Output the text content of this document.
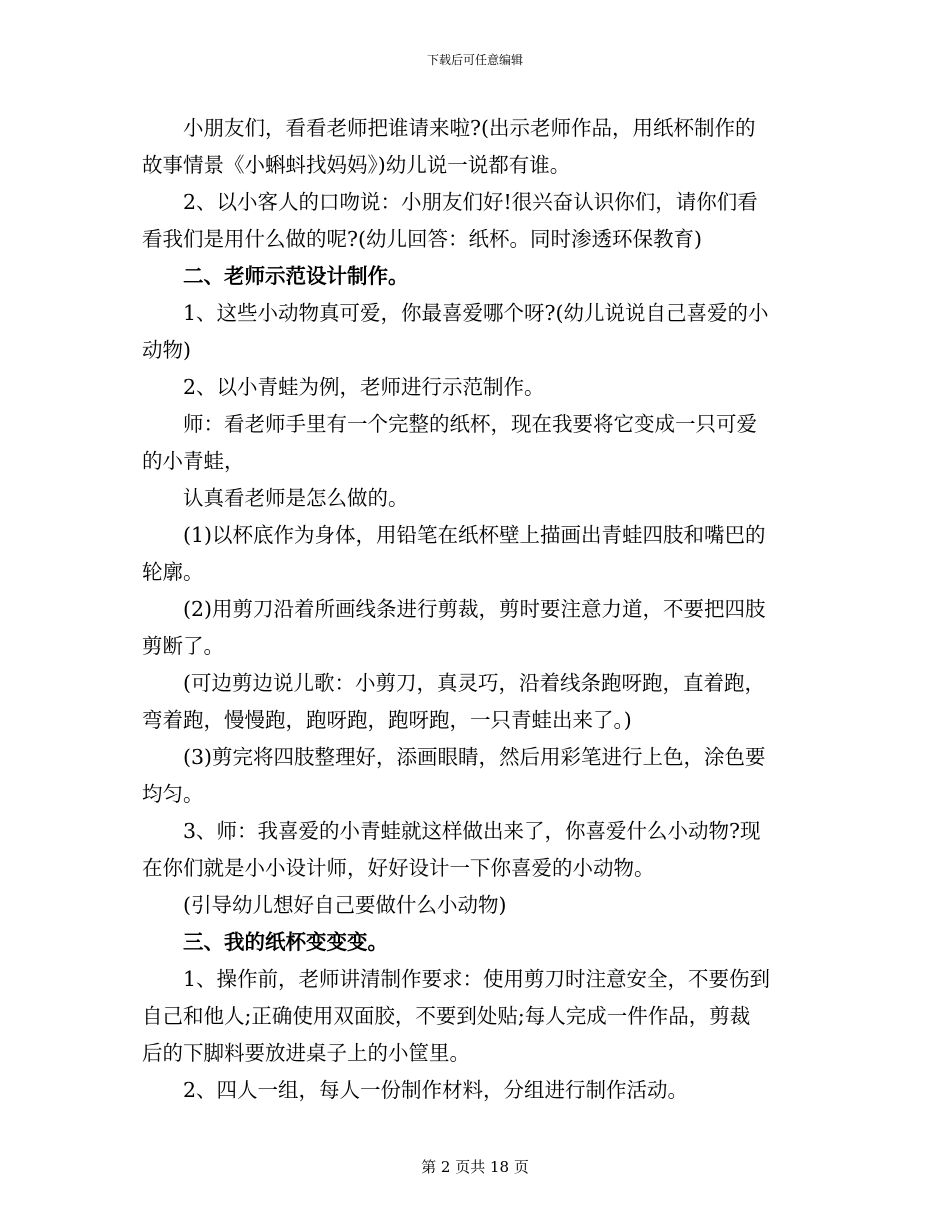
下载后可任意编辑

小朋友们，看看老师把谁请来啦?(出示老师作品，用纸杯制作的

故事情景《小蝌蚪找妈妈》)幼儿说一说都有谁。

2、以小客人的口吻说：小朋友们好!很兴奋认识你们，请你们看

看我们是用什么做的呢?(幼儿回答：纸杯。同时渗透环保教育)

二、老师示范设计制作。

1、这些小动物真可爱，你最喜爱哪个呀?(幼儿说说自己喜爱的小

动物)

2、以小青蛙为例，老师进行示范制作。

师：看老师手里有一个完整的纸杯，现在我要将它变成一只可爱

的小青蛙，

认真看老师是怎么做的。

(1)以杯底作为身体，用铅笔在纸杯壁上描画出青蛙四肢和嘴巴的

轮廓。

(2)用剪刀沿着所画线条进行剪裁，剪时要注意力道，不要把四肢

剪断了。

(可边剪边说儿歌：小剪刀，真灵巧，沿着线条跑呀跑，直着跑，

弯着跑，慢慢跑，跑呀跑，跑呀跑，一只青蛙出来了。)

(3)剪完将四肢整理好，添画眼睛，然后用彩笔进行上色，涂色要

均匀。

3、师：我喜爱的小青蛙就这样做出来了，你喜爱什么小动物?现

在你们就是小小设计师，好好设计一下你喜爱的小动物。

(引导幼儿想好自己要做什么小动物)

三、我的纸杯变变变。

1、操作前，老师讲清制作要求：使用剪刀时注意安全，不要伤到

自己和他人;正确使用双面胶，不要到处贴;每人完成一件作品，剪裁

后的下脚料要放进桌子上的小筐里。

2、四人一组，每人一份制作材料，分组进行制作活动。

第 2 页共 18 页
